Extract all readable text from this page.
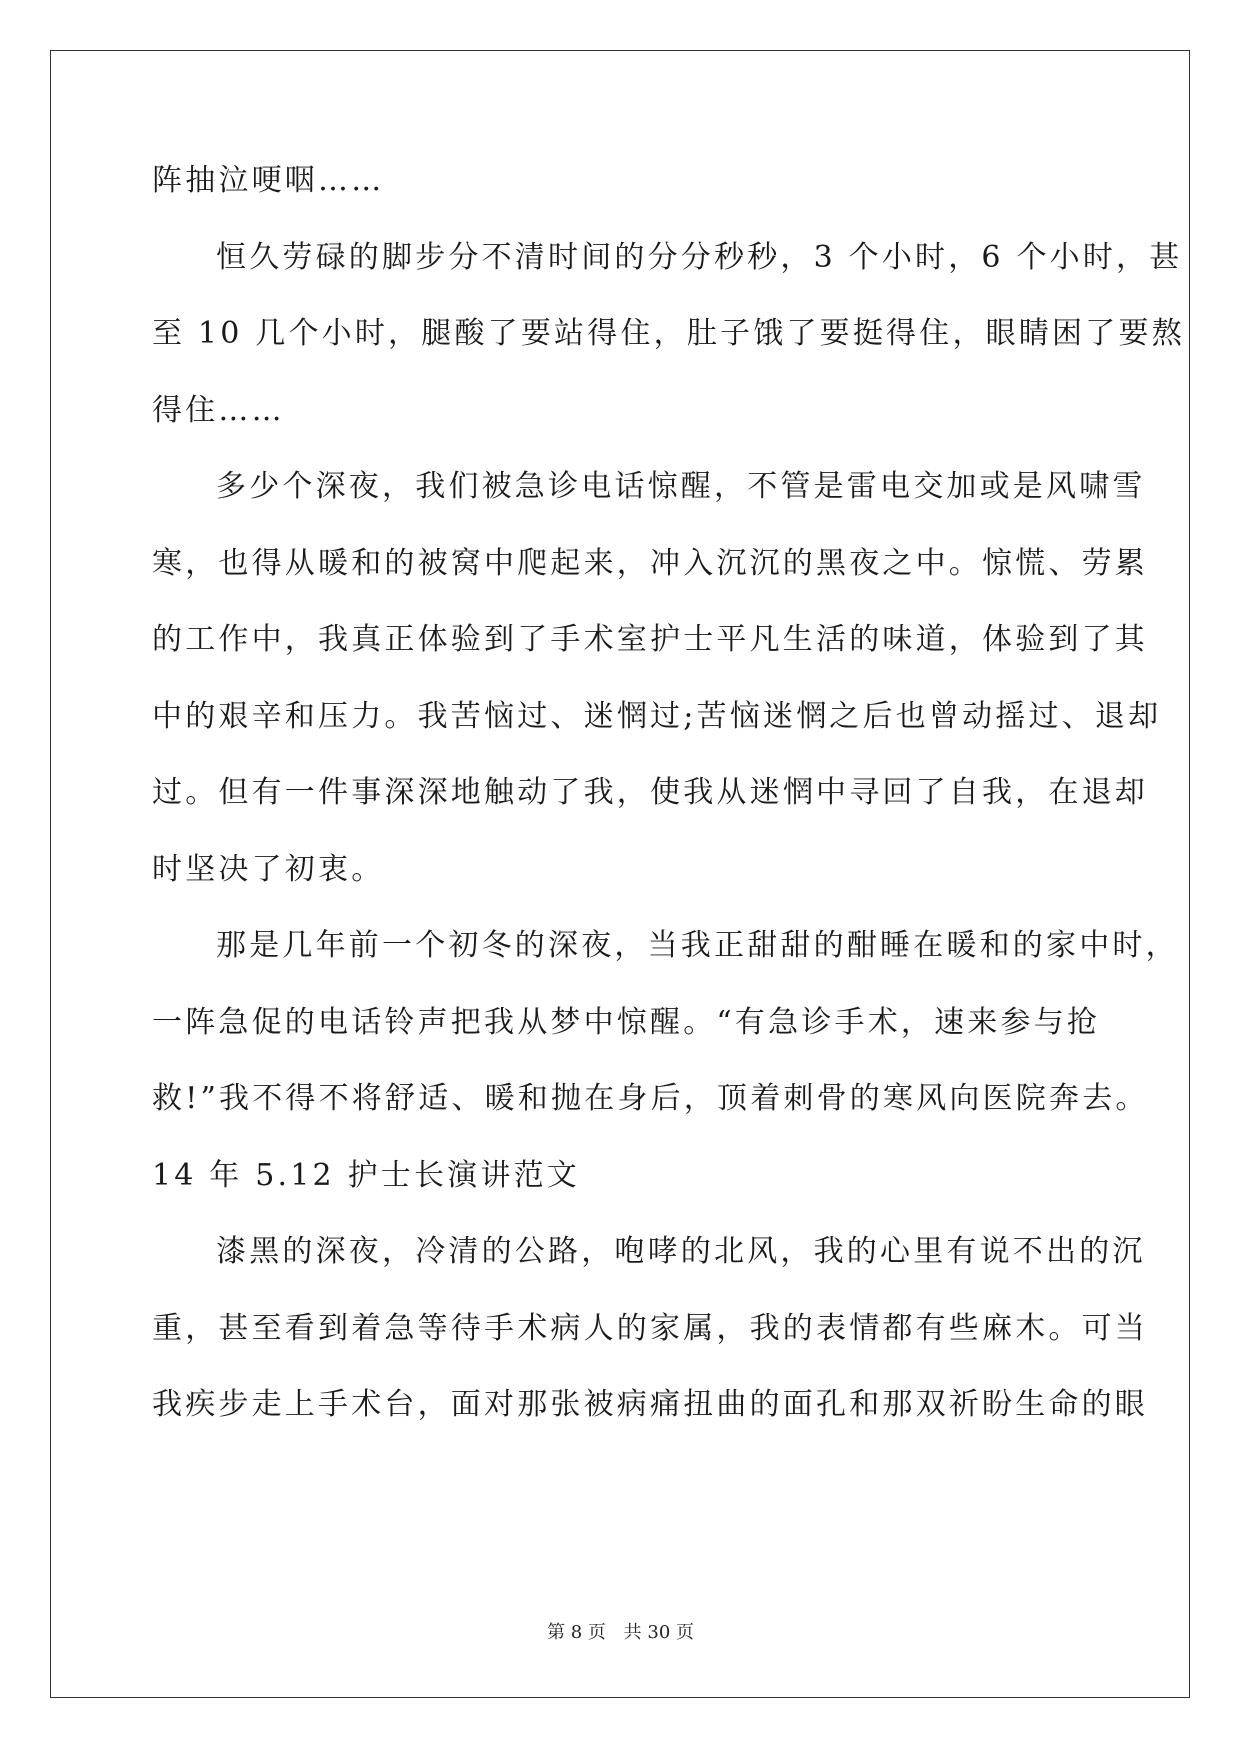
阵抽泣哽咽……
恒久劳碌的脚步分不清时间的分分秒秒，3 个小时，6 个小时，甚
至 10 几个小时，腿酸了要站得住，肚子饿了要挺得住，眼睛困了要熬
得住……
多少个深夜，我们被急诊电话惊醒，不管是雷电交加或是风啸雪
寒，也得从暖和的被窝中爬起来，冲入沉沉的黑夜之中。惊慌、劳累
的工作中，我真正体验到了手术室护士平凡生活的味道，体验到了其
中的艰辛和压力。我苦恼过、迷惘过;苦恼迷惘之后也曾动摇过、退却
过。但有一件事深深地触动了我，使我从迷惘中寻回了自我，在退却
时坚决了初衷。
那是几年前一个初冬的深夜，当我正甜甜的酣睡在暖和的家中时，
一阵急促的电话铃声把我从梦中惊醒。“有急诊手术，速来参与抢
救!”我不得不将舒适、暖和抛在身后，顶着刺骨的寒风向医院奔去。
14 年 5.12 护士长演讲范文
漆黑的深夜，冷清的公路，咆哮的北风，我的心里有说不出的沉
重，甚至看到着急等待手术病人的家属，我的表情都有些麻木。可当
我疾步走上手术台，面对那张被病痛扭曲的面孔和那双祈盼生命的眼
第 8 页 共 30 页
